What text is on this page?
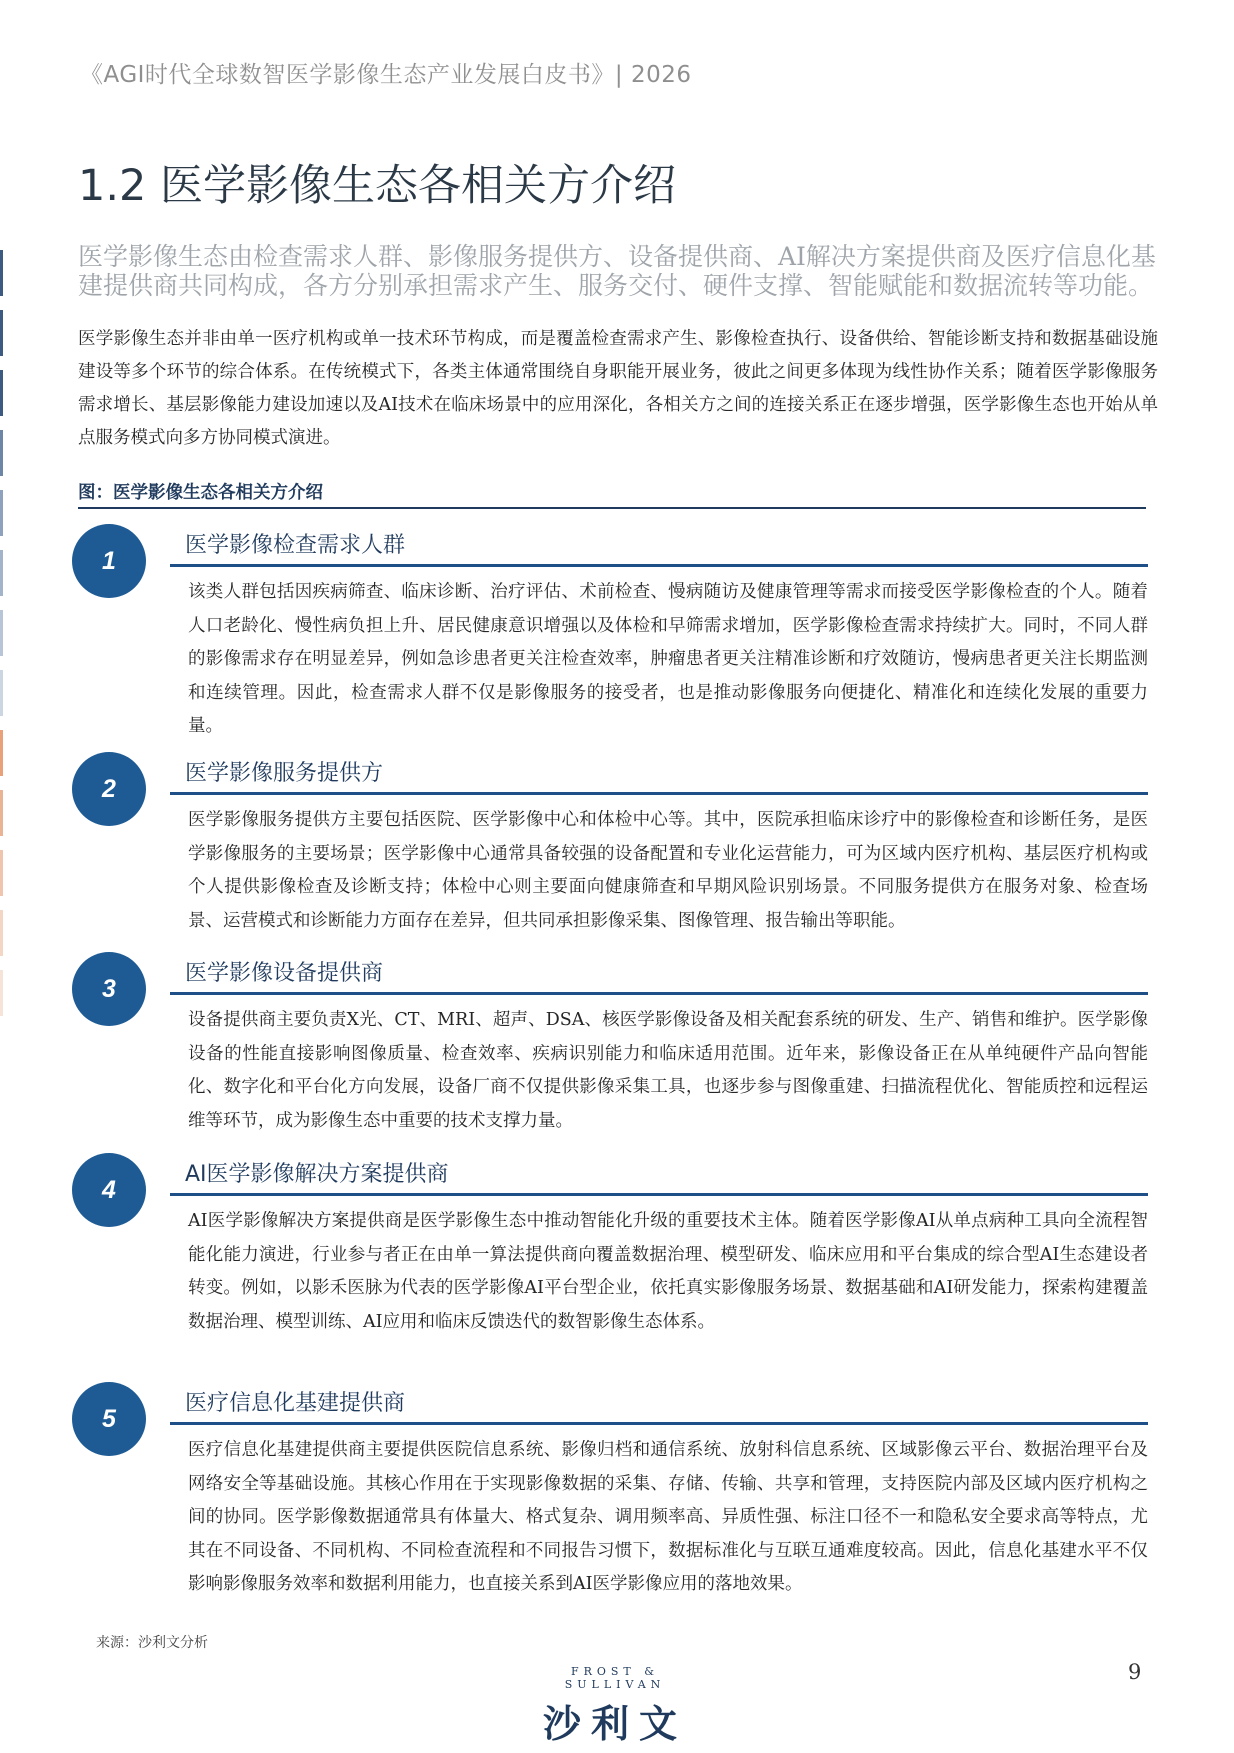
《AGI时代全球数智医学影像生态产业发展白皮书》| 2026
1.2 医学影像生态各相关方介绍

医学影像生态由检查需求人群、影像服务提供方、设备提供商、AI解决方案提供商及医疗信息化基建提供商共同构成，各方分别承担需求产生、服务交付、硬件支撑、智能赋能和数据流转等功能。

医学影像生态并非由单一医疗机构或单一技术环节构成，而是覆盖检查需求产生、影像检查执行、设备供给、智能诊断支持和数据基础设施建设等多个环节的综合体系。在传统模式下，各类主体通常围绕自身职能开展业务，彼此之间更多体现为线性协作关系；随着医学影像服务需求增长、基层影像能力建设加速以及AI技术在临床场景中的应用深化，各相关方之间的连接关系正在逐步增强，医学影像生态也开始从单点服务模式向多方协同模式演进。

图：医学影像生态各相关方介绍
1
医学影像检查需求人群

该类人群包括因疾病筛查、临床诊断、治疗评估、术前检查、慢病随访及健康管理等需求而接受医学影像检查的个人。随着人口老龄化、慢性病负担上升、居民健康意识增强以及体检和早筛需求增加，医学影像检查需求持续扩大。同时，不同人群的影像需求存在明显差异，例如急诊患者更关注检查效率，肿瘤患者更关注精准诊断和疗效随访，慢病患者更关注长期监测和连续管理。因此，检查需求人群不仅是影像服务的接受者，也是推动影像服务向便捷化、精准化和连续化发展的重要力量。

2
医学影像服务提供方

医学影像服务提供方主要包括医院、医学影像中心和体检中心等。其中，医院承担临床诊疗中的影像检查和诊断任务，是医学影像服务的主要场景；医学影像中心通常具备较强的设备配置和专业化运营能力，可为区域内医疗机构、基层医疗机构或个人提供影像检查及诊断支持；体检中心则主要面向健康筛查和早期风险识别场景。不同服务提供方在服务对象、检查场景、运营模式和诊断能力方面存在差异，但共同承担影像采集、图像管理、报告输出等职能。

3
医学影像设备提供商

设备提供商主要负责X光、CT、MRI、超声、DSA、核医学影像设备及相关配套系统的研发、生产、销售和维护。医学影像设备的性能直接影响图像质量、检查效率、疾病识别能力和临床适用范围。近年来，影像设备正在从单纯硬件产品向智能化、数字化和平台化方向发展，设备厂商不仅提供影像采集工具，也逐步参与图像重建、扫描流程优化、智能质控和远程运维等环节，成为影像生态中重要的技术支撑力量。

4
AI医学影像解决方案提供商

AI医学影像解决方案提供商是医学影像生态中推动智能化升级的重要技术主体。随着医学影像AI从单点病种工具向全流程智能化能力演进，行业参与者正在由单一算法提供商向覆盖数据治理、模型研发、临床应用和平台集成的综合型AI生态建设者转变。例如，以影禾医脉为代表的医学影像AI平台型企业，依托真实影像服务场景、数据基础和AI研发能力，探索构建覆盖数据治理、模型训练、AI应用和临床反馈迭代的数智影像生态体系。

5
医疗信息化基建提供商

医疗信息化基建提供商主要提供医院信息系统、影像归档和通信系统、放射科信息系统、区域影像云平台、数据治理平台及网络安全等基础设施。其核心作用在于实现影像数据的采集、存储、传输、共享和管理，支持医院内部及区域内医疗机构之间的协同。医学影像数据通常具有体量大、格式复杂、调用频率高、异质性强、标注口径不一和隐私安全要求高等特点，尤其在不同设备、不同机构、不同检查流程和不同报告习惯下，数据标准化与互联互通难度较高。因此，信息化基建水平不仅影响影像服务效率和数据利用能力，也直接关系到AI医学影像应用的落地效果。

来源：沙利文分析
FROST & SULLIVAN
沙利文
9
